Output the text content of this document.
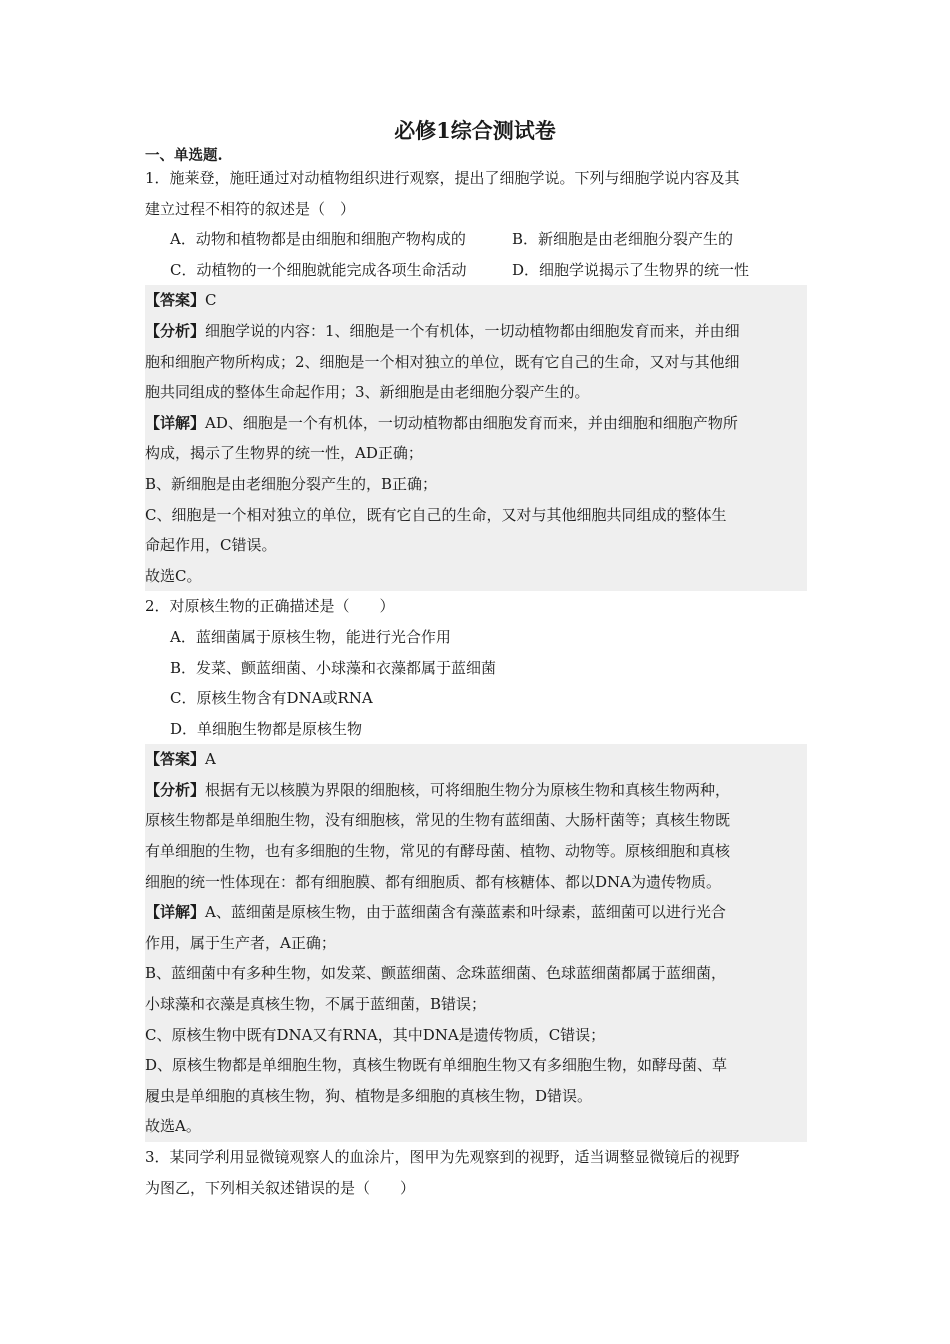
必修1综合测试卷
一、单选题.
1．施莱登，施旺通过对动植物组织进行观察，提出了细胞学说。下列与细胞学说内容及其
建立过程不相符的叙述是（　）
A．动物和植物都是由细胞和细胞产物构成的	B．新细胞是由老细胞分裂产生的
C．动植物的一个细胞就能完成各项生命活动	D．细胞学说揭示了生物界的统一性
【答案】C
【分析】细胞学说的内容：1、细胞是一个有机体，一切动植物都由细胞发育而来，并由细
胞和细胞产物所构成；2、细胞是一个相对独立的单位，既有它自己的生命，又对与其他细
胞共同组成的整体生命起作用；3、新细胞是由老细胞分裂产生的。
【详解】AD、细胞是一个有机体，一切动植物都由细胞发育而来，并由细胞和细胞产物所
构成，揭示了生物界的统一性，AD正确；
B、新细胞是由老细胞分裂产生的，B正确；
C、细胞是一个相对独立的单位，既有它自己的生命，又对与其他细胞共同组成的整体生
命起作用，C错误。
故选C。
2．对原核生物的正确描述是（　　）
A．蓝细菌属于原核生物，能进行光合作用
B．发菜、颤蓝细菌、小球藻和衣藻都属于蓝细菌
C．原核生物含有DNA或RNA
D．单细胞生物都是原核生物
【答案】A
【分析】根据有无以核膜为界限的细胞核，可将细胞生物分为原核生物和真核生物两种，
原核生物都是单细胞生物，没有细胞核，常见的生物有蓝细菌、大肠杆菌等；真核生物既
有单细胞的生物，也有多细胞的生物，常见的有酵母菌、植物、动物等。原核细胞和真核
细胞的统一性体现在：都有细胞膜、都有细胞质、都有核糖体、都以DNA为遗传物质。
【详解】A、蓝细菌是原核生物，由于蓝细菌含有藻蓝素和叶绿素，蓝细菌可以进行光合
作用，属于生产者，A正确；
B、蓝细菌中有多种生物，如发菜、颤蓝细菌、念珠蓝细菌、色球蓝细菌都属于蓝细菌，
小球藻和衣藻是真核生物，不属于蓝细菌，B错误；
C、原核生物中既有DNA又有RNA，其中DNA是遗传物质，C错误；
D、原核生物都是单细胞生物，真核生物既有单细胞生物又有多细胞生物，如酵母菌、草
履虫是单细胞的真核生物，狗、植物是多细胞的真核生物，D错误。
故选A。
3．某同学利用显微镜观察人的血涂片，图甲为先观察到的视野，适当调整显微镜后的视野
为图乙，下列相关叙述错误的是（　　）
